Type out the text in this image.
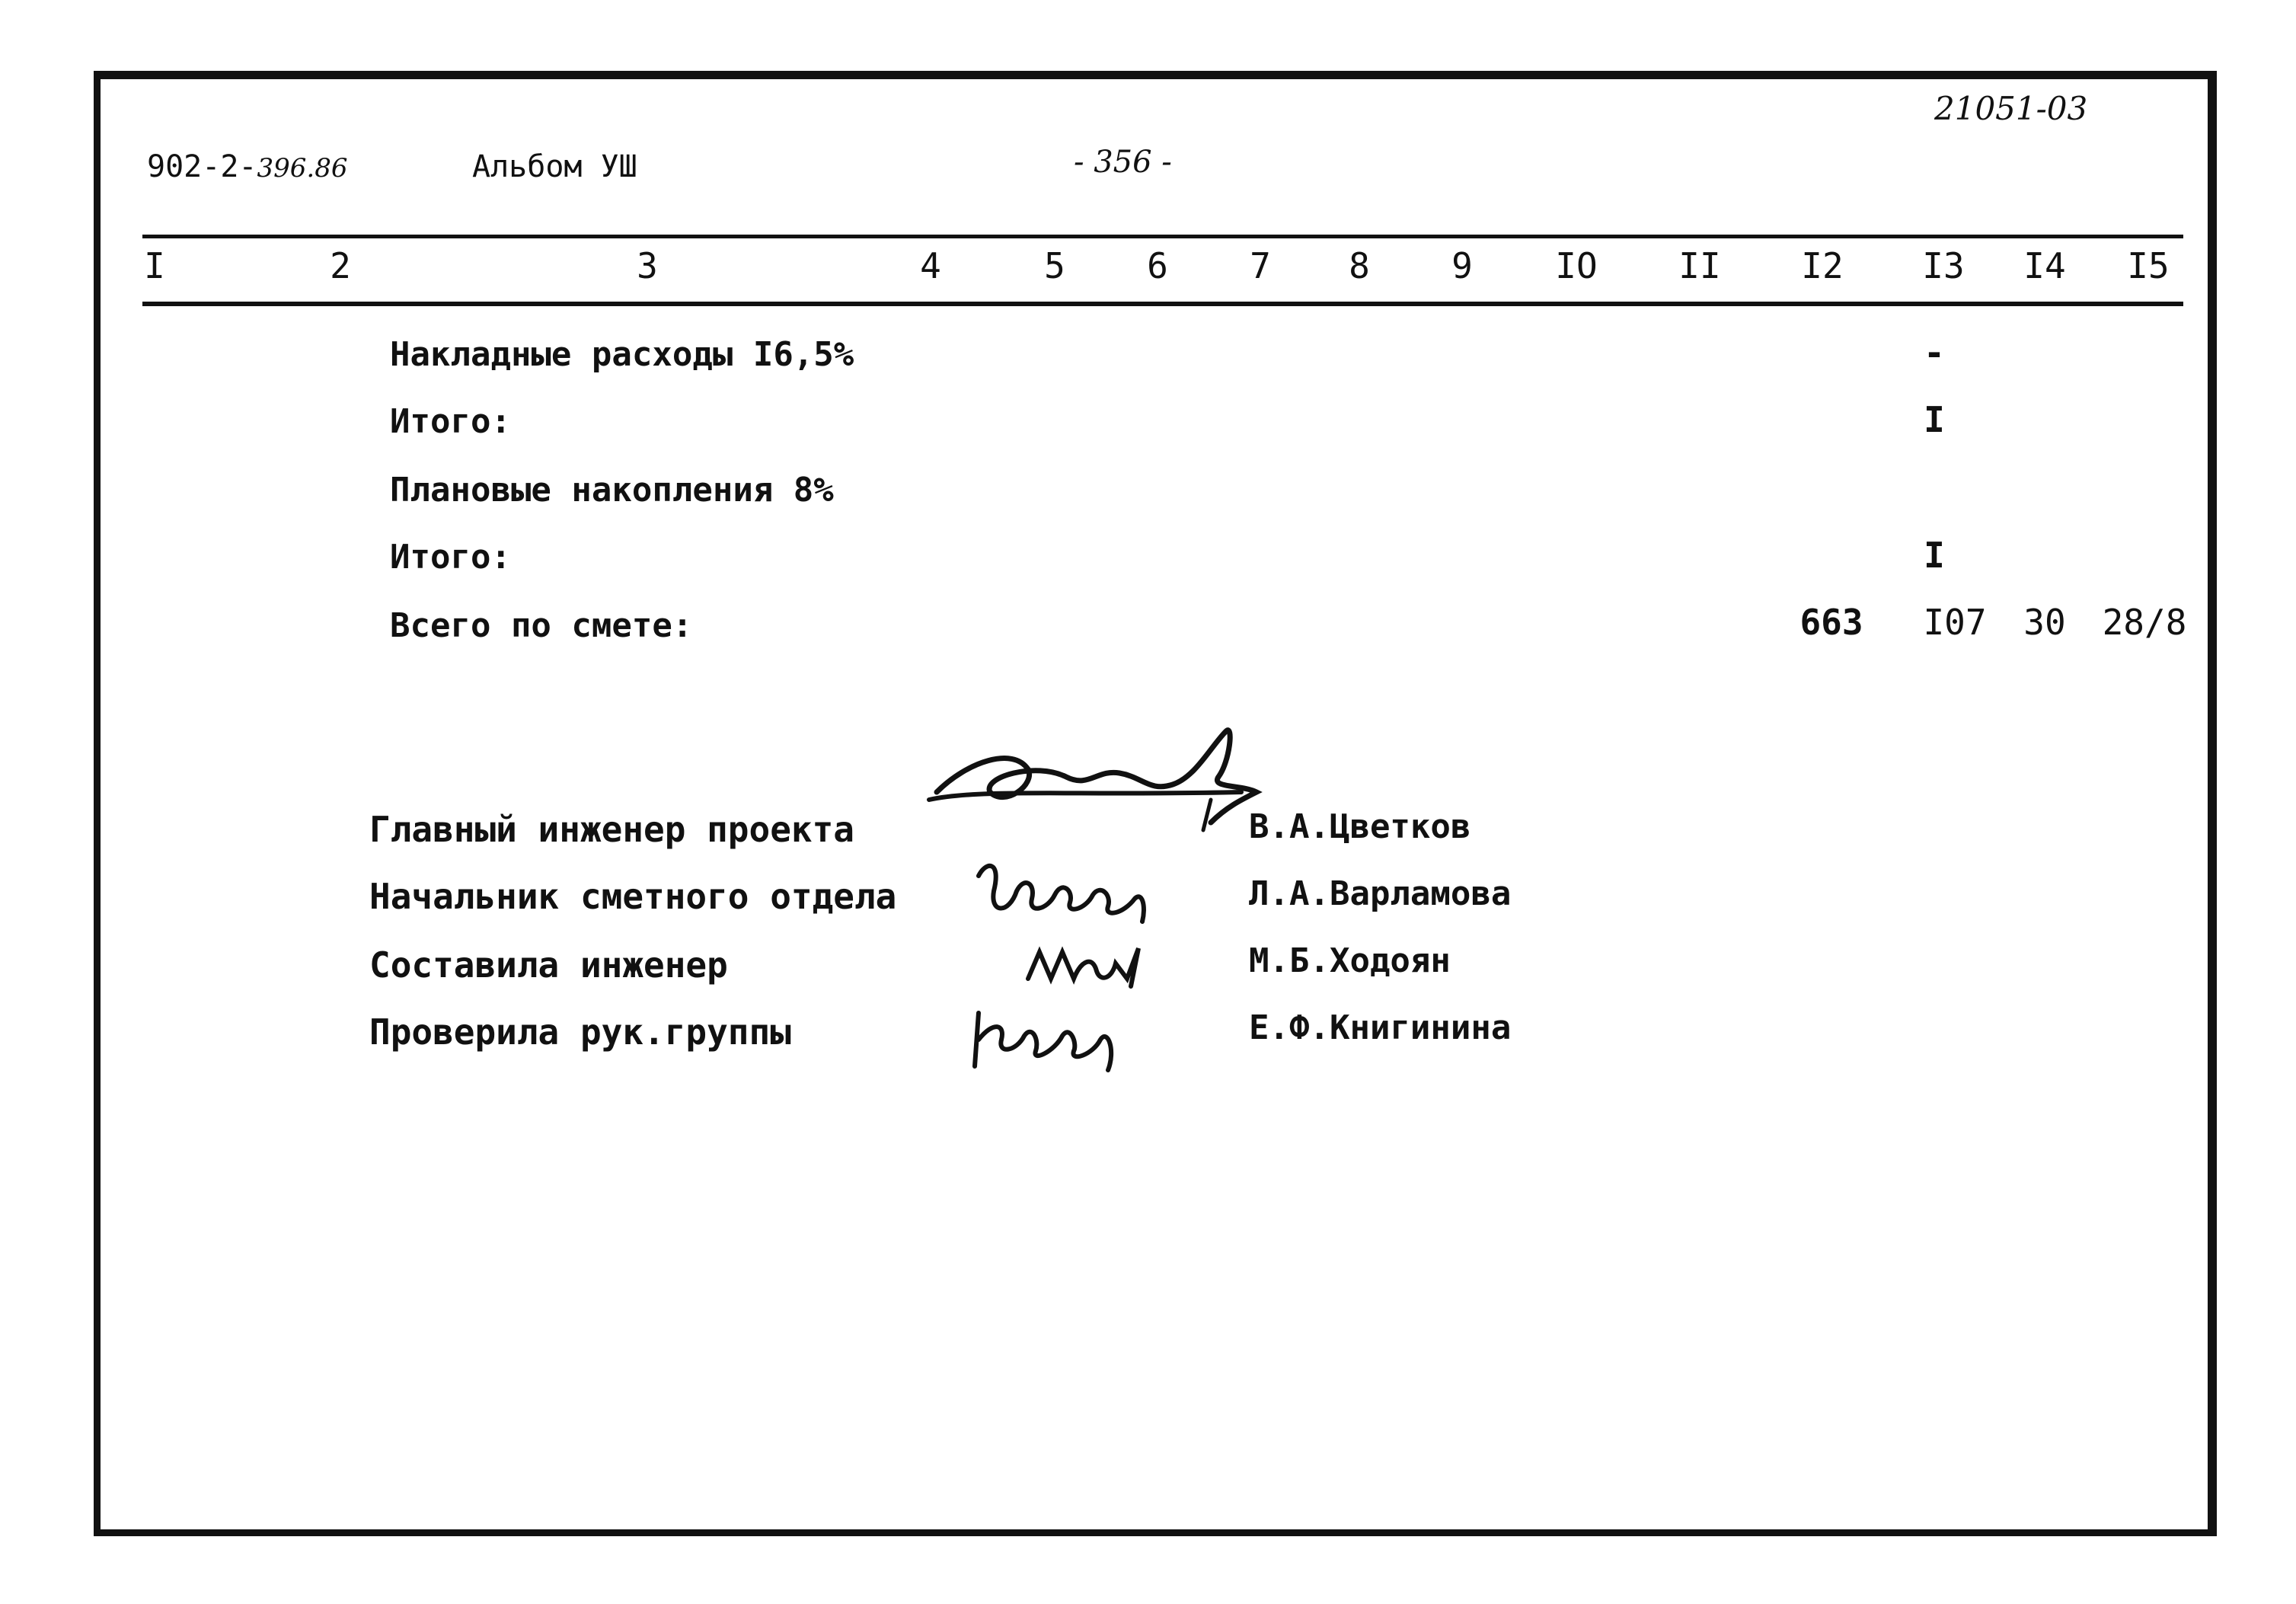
902-2-396.86	Альбом УШ	- 356 -
21051-03
I	2	3	4	5 6 7 8 9 IO II I2 I3 I4 I5
Накладные расходы I6,5%	-
Итого:	I
Плановые накопления 8%
Итого:	I
Всего по смете:	663 I07 30 28/8
Главный инженер проекта
Начальник сметного отдела
Составила инженер
Проверила рук.группы
В.А.Цветков
Л.А.Варламова
М.Б.Ходоян
Е.Ф.Книгинина
